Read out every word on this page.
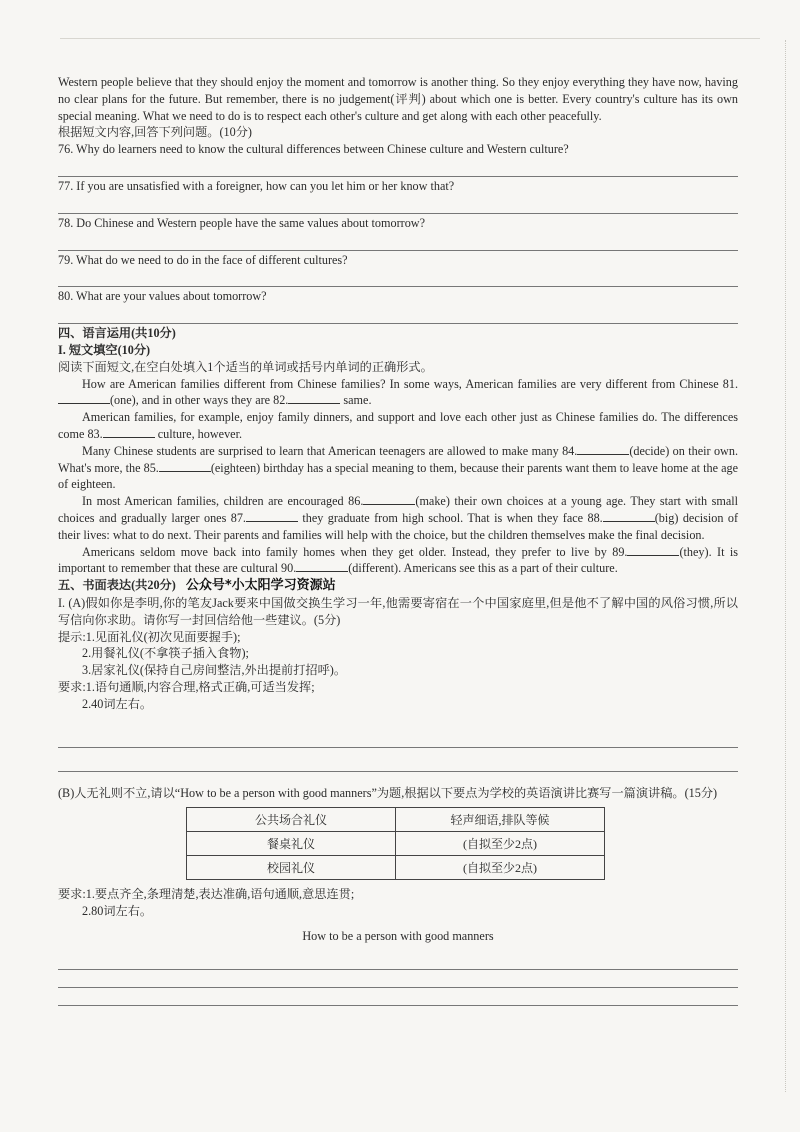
Western people believe that they should enjoy the moment and tomorrow is another thing. So they enjoy everything they have now, having no clear plans for the future. But remember, there is no judgement(评判) about which one is better. Every country's culture has its own special meaning. What we need to do is to respect each other's culture and get along with each other peacefully.

根据短文内容,回答下列问题。(10分)

76. Why do learners need to know the cultural differences between Chinese culture and Western culture?

77. If you are unsatisfied with a foreigner, how can you let him or her know that?

78. Do Chinese and Western people have the same values about tomorrow?

79. What do we need to do in the face of different cultures?

80. What are your values about tomorrow?

四、语言运用(共10分)

I. 短文填空(10分)

阅读下面短文,在空白处填入1个适当的单词或括号内单词的正确形式。

How are American families different from Chinese families? In some ways, American families are very different from Chinese 81.(one), and in other ways they are 82.	same.

American families, for example, enjoy family dinners, and support and love each other just as Chinese families do. The differences come 83.	culture, however.

Many Chinese students are surprised to learn that American teenagers are allowed to make many 84.	(decide) on their own. What's more, the 85.	(eighteen) birthday has a special meaning to them, because their parents want them to leave home at the age of eighteen.

In most American families, children are encouraged 86.	(make) their own choices at a young age. They start with small choices and gradually larger ones 87.	they graduate from high school. That is when they face 88.	(big) decision of their lives: what to do next. Their parents and families will help with the choice, but the children themselves make the final decision.

Americans seldom move back into family homes when they get older. Instead, they prefer to live by 89.	(they). It is important to remember that these are cultural 90.	(different). Americans see this as a part of their culture.

五、书面表达(共20分) 公众号*小太阳学习资源站

I. (A)假如你是李明,你的笔友Jack要来中国做交换生学习一年,他需要寄宿在一个中国家庭里,但是他不了解中国的风俗习惯,所以写信向你求助。请你写一封回信给他一些建议。(5分)

提示:1.见面礼仪(初次见面要握手);

2.用餐礼仪(不拿筷子插入食物);

3.居家礼仪(保持自己房间整洁,外出提前打招呼)。

要求:1.语句通顺,内容合理,格式正确,可适当发挥;

2.40词左右。

(B)人无礼则不立,请以“How to be a person with good manners”为题,根据以下要点为学校的英语演讲比赛写一篇演讲稿。(15分)

公共场合礼仪	轻声细语,排队等候
餐桌礼仪	(自拟至少2点)
校园礼仪	(自拟至少2点)

要求:1.要点齐全,条理清楚,表达准确,语句通顺,意思连贯;

2.80词左右。

How to be a person with good manners
